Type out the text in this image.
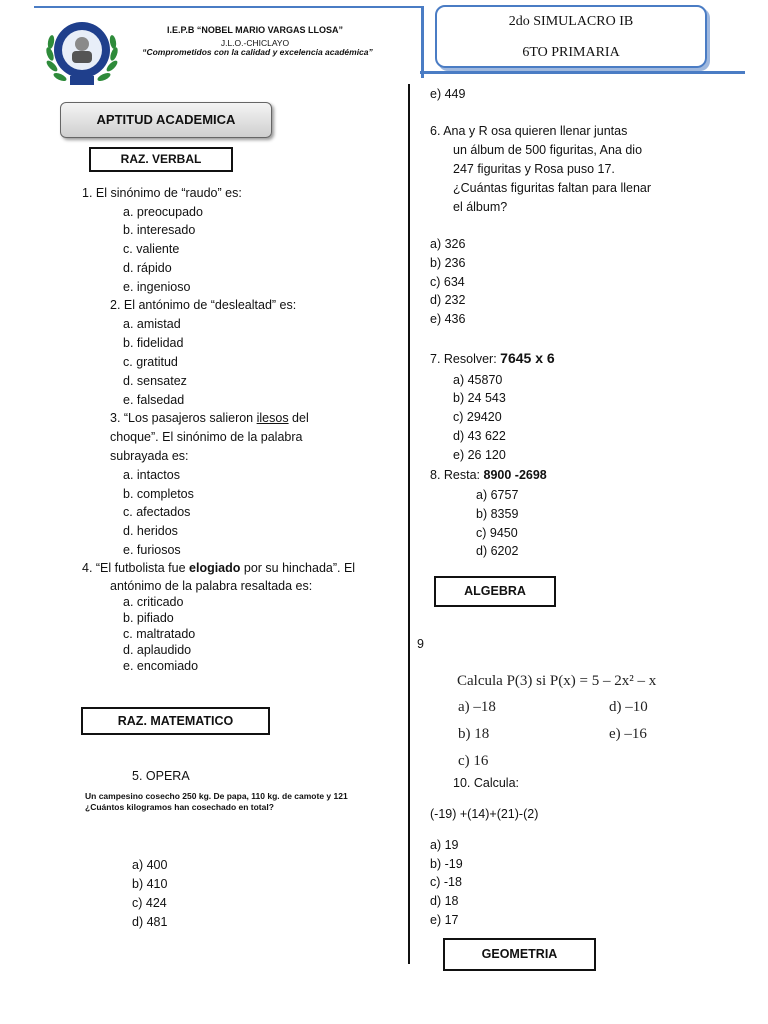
I.E.P.B “NOBEL MARIO VARGAS LLOSA”
J.L.O.-CHICLAYO
“Comprometidos con la calidad y excelencia académica”
2do SIMULACRO IB
6TO PRIMARIA
APTITUD ACADEMICA
RAZ. VERBAL
RAZ. MATEMATICO
ALGEBRA
GEOMETRIA
1. El sinónimo de “raudo” es:
a. preocupado
b. interesado
c. valiente
d. rápido
e. ingenioso
2. El antónimo de “deslealtad” es:
a. amistad
b. fidelidad
c. gratitud
d. sensatez
e. falsedad
3. “Los pasajeros salieron ilesos del
choque”. El sinónimo de la palabra
subrayada es:
a. intactos
b. completos
c. afectados
d. heridos
e. furiosos
4. “El futbolista fue elogiado por su hinchada”. El
antónimo de la palabra resaltada es:
a. criticado
b. pifiado
c. maltratado
d. aplaudido
e. encomiado
5. OPERA
Un campesino cosecho 250 kg. De papa, 110 kg. de camote y 121
¿Cuántos kilogramos han cosechado en total?
a) 400
b) 410
c) 424
d) 481
e) 449
6. Ana y R osa quieren llenar juntas
un álbum de 500 figuritas, Ana dio
247 figuritas y Rosa puso 17.
¿Cuántas figuritas faltan para llenar
el álbum?
a) 326
b) 236
c) 634
d) 232
e) 436
7. Resolver: 7645 x 6
a) 45870
b) 24 543
c) 29420
d) 43 622
e) 26 120
8. Resta: 8900 -2698
a) 6757
b) 8359
c) 9450
d) 6202
9
Calcula P(3) si P(x) = 5 – 2x² – x
a) –18	d) –10
b) 18	e) –16
c) 16
10. Calcula:
(-19) +(14)+(21)-(2)
a) 19
b) -19
c) -18
d) 18
e) 17
